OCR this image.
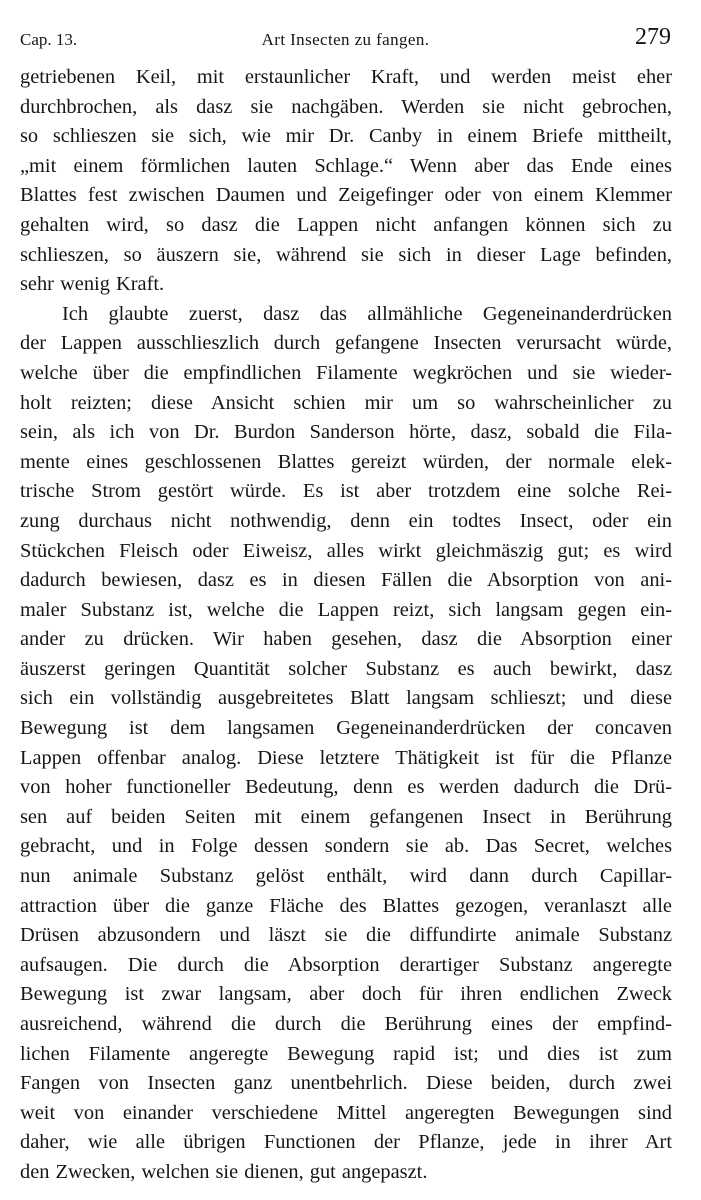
Cap. 13.	Art Insecten zu fangen.	279
getriebenen Keil, mit erstaunlicher Kraft, und werden meist eher
durchbrochen, als dasz sie nachgäben. Werden sie nicht gebrochen,
so schlieszen sie sich, wie mir Dr. Canby in einem Briefe mittheilt,
„mit einem förmlichen lauten Schlage.“ Wenn aber das Ende eines
Blattes fest zwischen Daumen und Zeigefinger oder von einem Klemmer
gehalten wird, so dasz die Lappen nicht anfangen können sich zu
schlieszen, so äuszern sie, während sie sich in dieser Lage befinden,
sehr wenig Kraft.
Ich glaubte zuerst, dasz das allmähliche Gegeneinanderdrücken
der Lappen ausschlieszlich durch gefangene Insecten verursacht würde,
welche über die empfindlichen Filamente wegkröchen und sie wieder-
holt reizten; diese Ansicht schien mir um so wahrscheinlicher zu
sein, als ich von Dr. Burdon Sanderson hörte, dasz, sobald die Fila-
mente eines geschlossenen Blattes gereizt würden, der normale elek-
trische Strom gestört würde. Es ist aber trotzdem eine solche Rei-
zung durchaus nicht nothwendig, denn ein todtes Insect, oder ein
Stückchen Fleisch oder Eiweisz, alles wirkt gleichmäszig gut; es wird
dadurch bewiesen, dasz es in diesen Fällen die Absorption von ani-
maler Substanz ist, welche die Lappen reizt, sich langsam gegen ein-
ander zu drücken. Wir haben gesehen, dasz die Absorption einer
äuszerst geringen Quantität solcher Substanz es auch bewirkt, dasz
sich ein vollständig ausgebreitetes Blatt langsam schlieszt; und diese
Bewegung ist dem langsamen Gegeneinanderdrücken der concaven
Lappen offenbar analog. Diese letztere Thätigkeit ist für die Pflanze
von hoher functioneller Bedeutung, denn es werden dadurch die Drü-
sen auf beiden Seiten mit einem gefangenen Insect in Berührung
gebracht, und in Folge dessen sondern sie ab. Das Secret, welches
nun animale Substanz gelöst enthält, wird dann durch Capillar-
attraction über die ganze Fläche des Blattes gezogen, veranlaszt alle
Drüsen abzusondern und läszt sie die diffundirte animale Substanz
aufsaugen. Die durch die Absorption derartiger Substanz angeregte
Bewegung ist zwar langsam, aber doch für ihren endlichen Zweck
ausreichend, während die durch die Berührung eines der empfind-
lichen Filamente angeregte Bewegung rapid ist; und dies ist zum
Fangen von Insecten ganz unentbehrlich. Diese beiden, durch zwei
weit von einander verschiedene Mittel angeregten Bewegungen sind
daher, wie alle übrigen Functionen der Pflanze, jede in ihrer Art
den Zwecken, welchen sie dienen, gut angepaszt.
